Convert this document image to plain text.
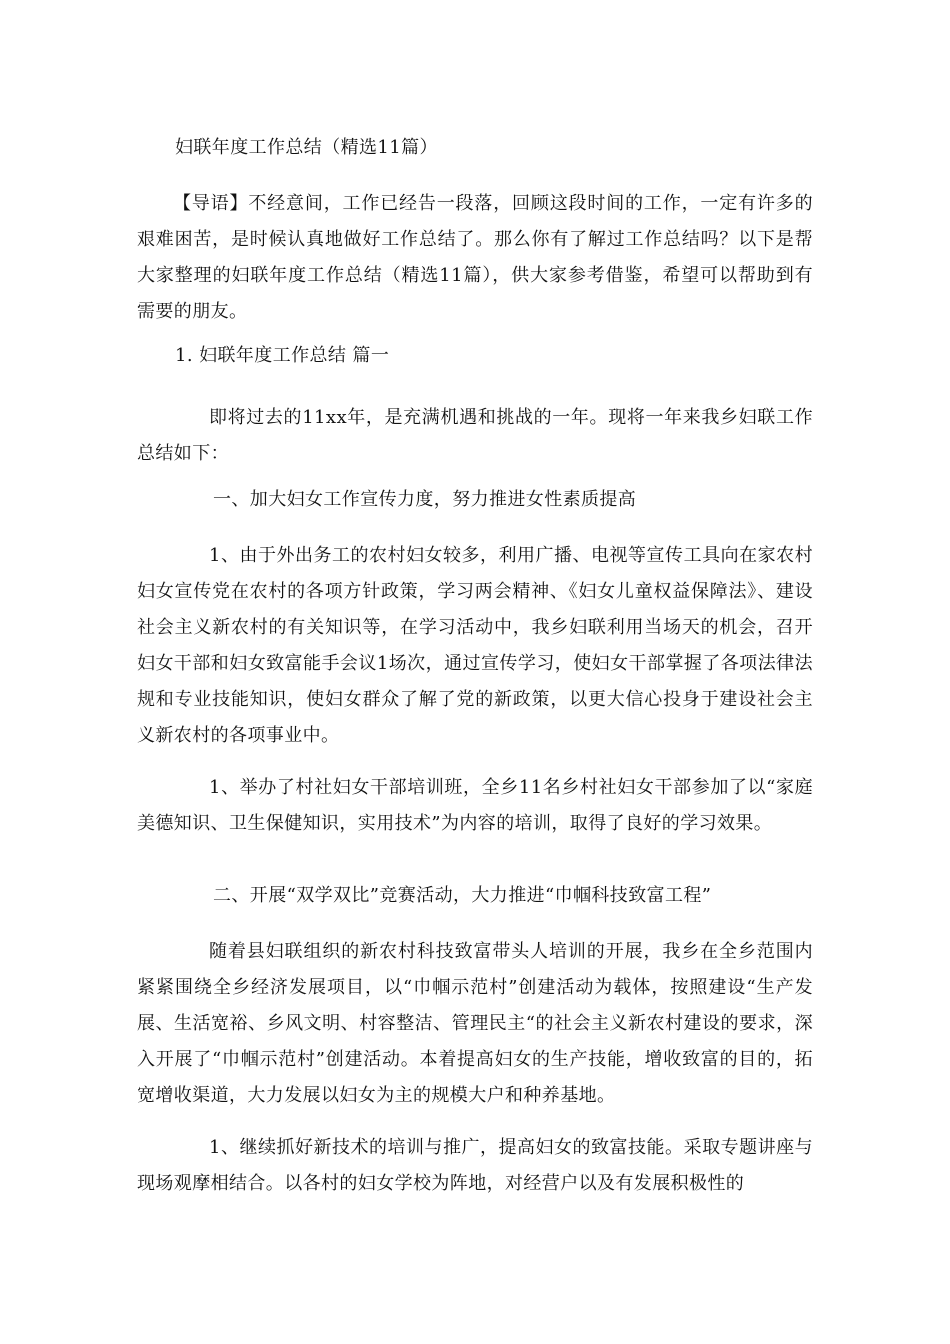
妇联年度工作总结（精选11篇）
【导语】不经意间，工作已经告一段落，回顾这段时间的工作，一定有许多的艰难困苦，是时候认真地做好工作总结了。那么你有了解过工作总结吗？以下是帮大家整理的妇联年度工作总结（精选11篇），供大家参考借鉴，希望可以帮助到有需要的朋友。
1. 妇联年度工作总结 篇一
即将过去的11xx年，是充满机遇和挑战的一年。现将一年来我乡妇联工作总结如下：
一、加大妇女工作宣传力度，努力推进女性素质提高
1、由于外出务工的农村妇女较多，利用广播、电视等宣传工具向在家农村妇女宣传党在农村的各项方针政策，学习两会精神、《妇女儿童权益保障法》、建设社会主义新农村的有关知识等，在学习活动中，我乡妇联利用当场天的机会，召开妇女干部和妇女致富能手会议1场次，通过宣传学习，使妇女干部掌握了各项法律法规和专业技能知识，使妇女群众了解了党的新政策，以更大信心投身于建设社会主义新农村的各项事业中。
1、举办了村社妇女干部培训班，全乡11名乡村社妇女干部参加了以“家庭美德知识、卫生保健知识，实用技术”为内容的培训，取得了良好的学习效果。
二、开展“双学双比”竞赛活动，大力推进“巾帼科技致富工程”
随着县妇联组织的新农村科技致富带头人培训的开展，我乡在全乡范围内紧紧围绕全乡经济发展项目，以“巾帼示范村”创建活动为载体，按照建设“生产发展、生活宽裕、乡风文明、村容整洁、管理民主“的社会主义新农村建设的要求，深入开展了“巾帼示范村”创建活动。本着提高妇女的生产技能，增收致富的目的，拓宽增收渠道，大力发展以妇女为主的规模大户和种养基地。
1、继续抓好新技术的培训与推广，提高妇女的致富技能。采取专题讲座与现场观摩相结合。以各村的妇女学校为阵地，对经营户以及有发展积极性的
